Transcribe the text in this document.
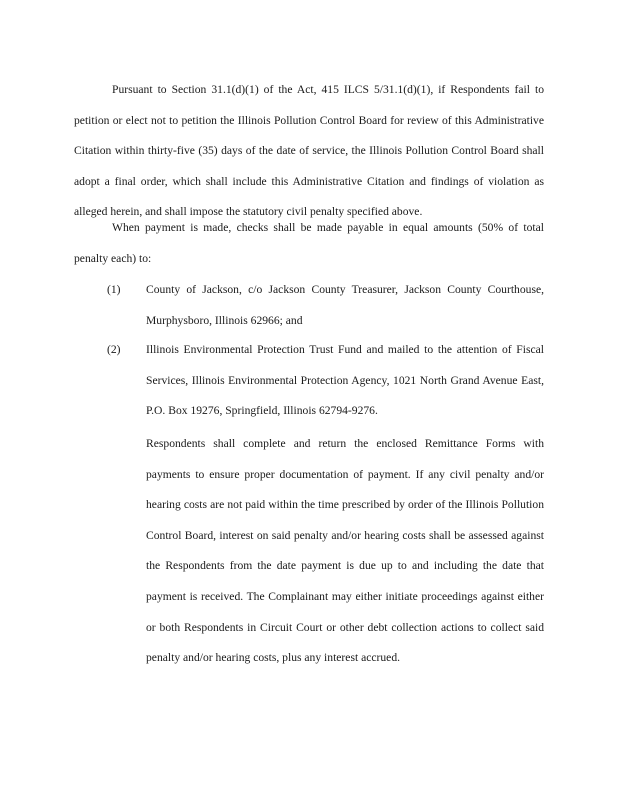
Pursuant to Section 31.1(d)(1) of the Act, 415 ILCS 5/31.1(d)(1), if Respondents fail to petition or elect not to petition the Illinois Pollution Control Board for review of this Administrative Citation within thirty-five (35) days of the date of service, the Illinois Pollution Control Board shall adopt a final order, which shall include this Administrative Citation and findings of violation as alleged herein, and shall impose the statutory civil penalty specified above.

When payment is made, checks shall be made payable in equal amounts (50% of total penalty each) to:

(1)	County of Jackson, c/o Jackson County Treasurer, Jackson County Courthouse, Murphysboro, Illinois 62966; and
(2)	Illinois Environmental Protection Trust Fund and mailed to the attention of Fiscal Services, Illinois Environmental Protection Agency, 1021 North Grand Avenue East, P.O. Box 19276, Springfield, Illinois 62794-9276.

Respondents shall complete and return the enclosed Remittance Forms with payments to ensure proper documentation of payment. If any civil penalty and/or hearing costs are not paid within the time prescribed by order of the Illinois Pollution Control Board, interest on said penalty and/or hearing costs shall be assessed against the Respondents from the date payment is due up to and including the date that payment is received. The Complainant may either initiate proceedings against either or both Respondents in Circuit Court or other debt collection actions to collect said penalty and/or hearing costs, plus any interest accrued.
